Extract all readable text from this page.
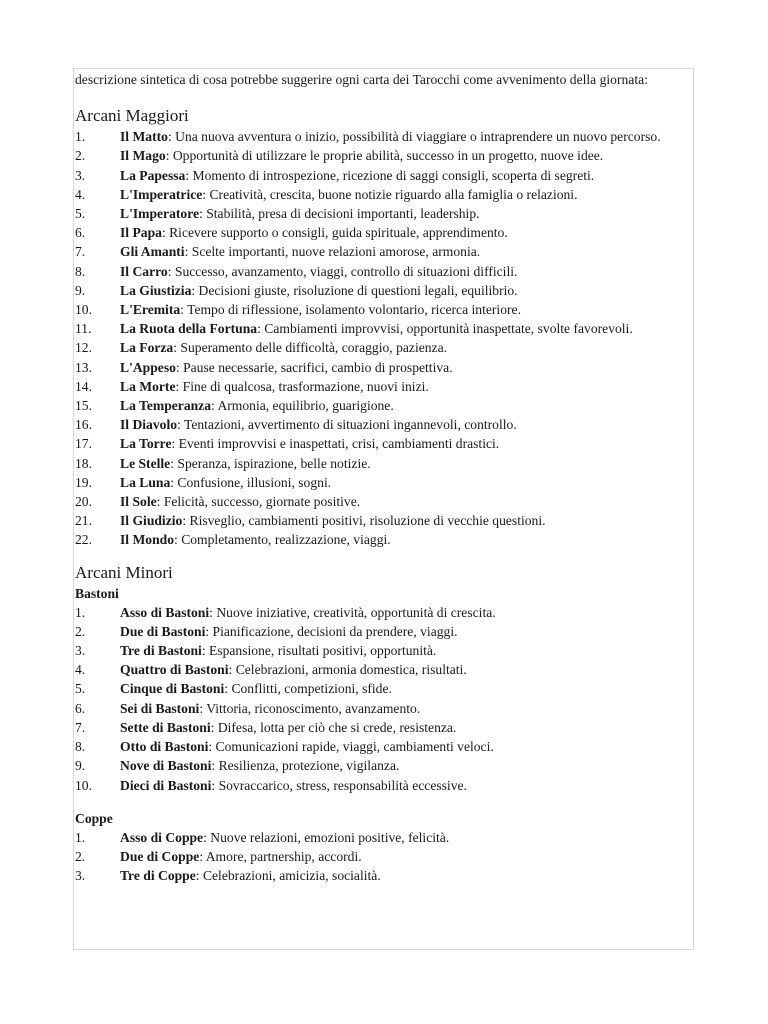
descrizione sintetica di cosa potrebbe suggerire ogni carta dei Tarocchi come avvenimento della giornata:

Arcani Maggiori
1.	Il Matto: Una nuova avventura o inizio, possibilità di viaggiare o intraprendere un nuovo percorso.
2.	Il Mago: Opportunità di utilizzare le proprie abilità, successo in un progetto, nuove idee.
3.	La Papessa: Momento di introspezione, ricezione di saggi consigli, scoperta di segreti.
4.	L'Imperatrice: Creatività, crescita, buone notizie riguardo alla famiglia o relazioni.
5.	L'Imperatore: Stabilità, presa di decisioni importanti, leadership.
6.	Il Papa: Ricevere supporto o consigli, guida spirituale, apprendimento.
7.	Gli Amanti: Scelte importanti, nuove relazioni amorose, armonia.
8.	Il Carro: Successo, avanzamento, viaggi, controllo di situazioni difficili.
9.	La Giustizia: Decisioni giuste, risoluzione di questioni legali, equilibrio.
10. L'Eremita: Tempo di riflessione, isolamento volontario, ricerca interiore.
11. La Ruota della Fortuna: Cambiamenti improvvisi, opportunità inaspettate, svolte favorevoli.
12. La Forza: Superamento delle difficoltà, coraggio, pazienza.
13. L'Appeso: Pause necessarie, sacrifici, cambio di prospettiva.
14. La Morte: Fine di qualcosa, trasformazione, nuovi inizi.
15. La Temperanza: Armonia, equilibrio, guarigione.
16. Il Diavolo: Tentazioni, avvertimento di situazioni ingannevoli, controllo.
17. La Torre: Eventi improvvisi e inaspettati, crisi, cambiamenti drastici.
18. Le Stelle: Speranza, ispirazione, belle notizie.
19. La Luna: Confusione, illusioni, sogni.
20. Il Sole: Felicità, successo, giornate positive.
21. Il Giudizio: Risveglio, cambiamenti positivi, risoluzione di vecchie questioni.
22. Il Mondo: Completamento, realizzazione, viaggi.
Arcani Minori

Bastoni

1.	Asso di Bastoni: Nuove iniziative, creatività, opportunità di crescita.
2.	Due di Bastoni: Pianificazione, decisioni da prendere, viaggi.
3.	Tre di Bastoni: Espansione, risultati positivi, opportunità.
4.	Quattro di Bastoni: Celebrazioni, armonia domestica, risultati.
5.	Cinque di Bastoni: Conflitti, competizioni, sfide.
6.	Sei di Bastoni: Vittoria, riconoscimento, avanzamento.
7.	Sette di Bastoni: Difesa, lotta per ciò che si crede, resistenza.
8.	Otto di Bastoni: Comunicazioni rapide, viaggi, cambiamenti veloci.
9.	Nove di Bastoni: Resilienza, protezione, vigilanza.
10. Dieci di Bastoni: Sovraccarico, stress, responsabilità eccessive.

Coppe

1.	Asso di Coppe: Nuove relazioni, emozioni positive, felicità.
2.	Due di Coppe: Amore, partnership, accordi.
3.	Tre di Coppe: Celebrazioni, amicizia, socialità.
